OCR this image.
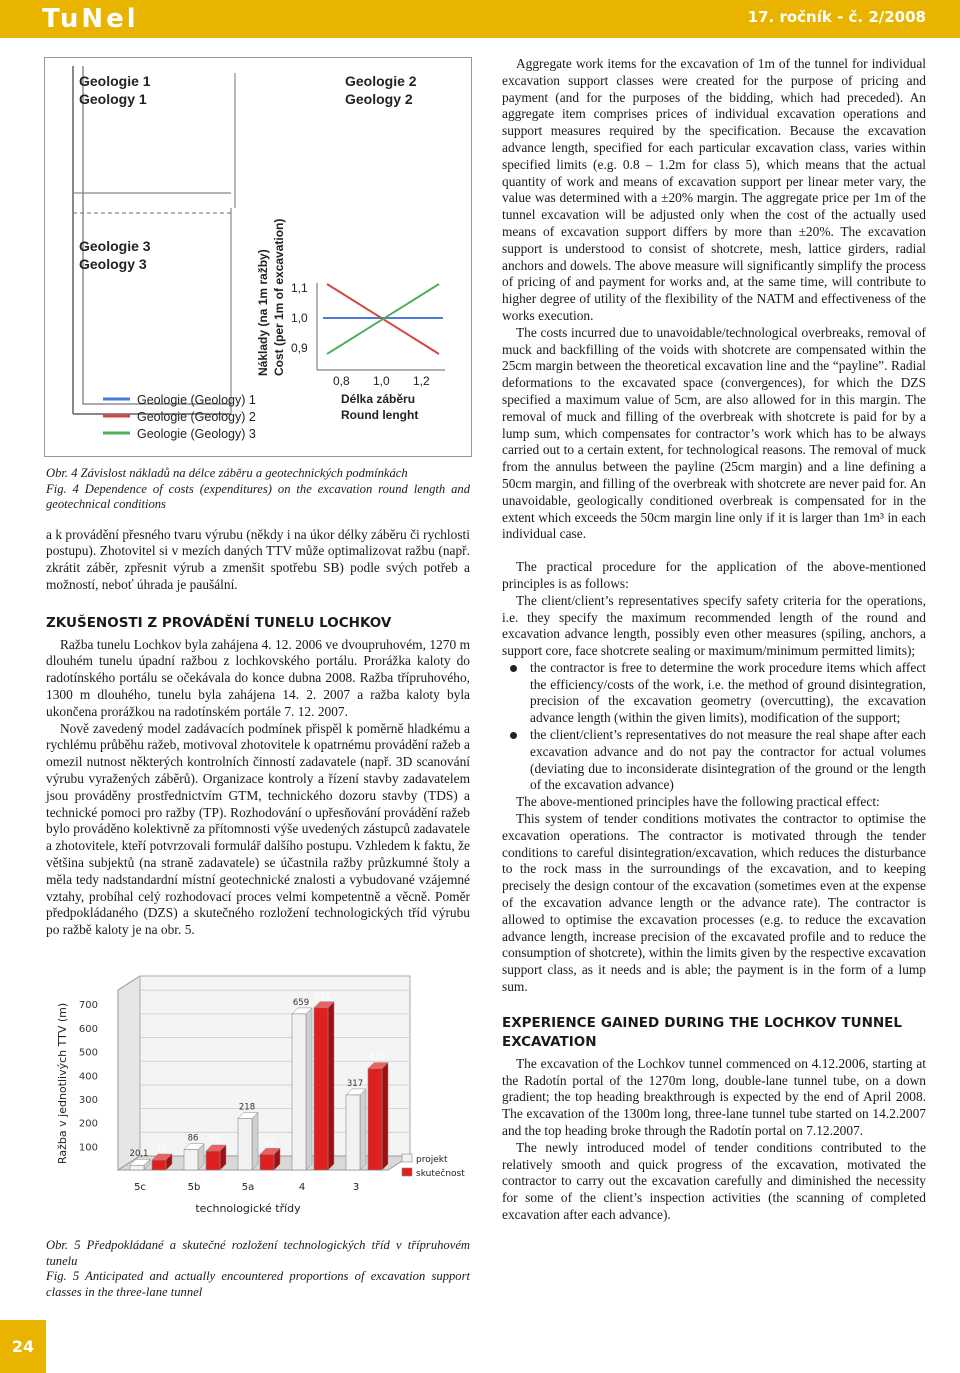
TuNel	17. ročník - č. 2/2008
Geologie 1
Geology 1
Geologie 2
Geology 2
Geologie 3
Geology 3	Náklady (na 1m ražby) Cost (per 1m of excavation) 1,1
1,0
0,9
0,8 1,0 1,2
Délka záběru
Round lenght
Geologie (Geology) 1
Geologie (Geology) 2
Geologie (Geology) 3
Obr. 4 Závislost nákladů na délce záběru a geotechnických podmínkách
Fig. 4 Dependence of costs (expenditures) on the excavation round length and geotechnical conditions

a k provádění přesného tvaru výrubu (někdy i na úkor délky záběru či rychlosti postupu). Zhotovitel si v mezích daných TTV může optimalizovat ražbu (např. zkrátit záběr, zpřesnit výrub a zmenšit spotřebu SB) podle svých potřeb a možností, neboť úhrada je paušální.

ZKUŠENOSTI Z PROVÁDĚNÍ TUNELU LOCHKOV

Ražba tunelu Lochkov byla zahájena 4. 12. 2006 ve dvoupruhovém, 1270 m dlouhém tunelu úpadní ražbou z lochkovského portálu. Prorážka kaloty do radotínského portálu se očekávala do konce dubna 2008. Ražba třípruhového, 1300 m dlouhého, tunelu byla zahájena 14. 2. 2007 a ražba kaloty byla ukončena prorážkou na radotínském portále 7. 12. 2007.

Nově zavedený model zadávacích podmínek přispěl k poměrně hladkému a rychlému průběhu ražeb, motivoval zhotovitele k opatrnému provádění ražeb a omezil nutnost některých kontrolních činností zadavatele (např. 3D scanování výrubu vyražených záběrů). Organizace kontroly a řízení stavby zadavatelem jsou prováděny prostřednictvím GTM, technického dozoru stavby (TDS) a technické pomoci pro ražby (TP). Rozhodování o upřesňování provádění ražeb bylo prováděno kolektivně za přítomnosti výše uvedených zástupců zadavatele a zhotovitele, kteří potvrzovali formulář dalšího postupu. Vzhledem k faktu, že většina subjektů (na straně zadavatele) se účastnila ražby průzkumné štoly a měla tedy nadstandardní místní geotechnické znalosti a vybudované vzájemné vztahy, probíhal celý rozhodovací proces velmi kompetentně a věcně. Poměr předpokládaného (DZS) a skutečného rozložení technologických tříd výrubu po ražbě kaloty je na obr. 5.

100
200
300
400
500
600
700
Ražba v jednotlivých TTV (m)	20,1
42
5c
86 80
5b
218
66
5a
659
685
4
317
428
3
technologické třídy
projekt
skutečnost
Obr. 5 Předpokládané a skutečné rozložení technologických tříd v třípruhovém tunelu
Fig. 5 Anticipated and actually encountered proportions of excavation support classes in the three-lane tunnel

Aggregate work items for the excavation of 1m of the tunnel for individual excavation support classes were created for the purpose of pricing and payment (and for the purposes of the bidding, which had preceded). An aggregate item comprises prices of individual excavation operations and support measures required by the specification. Because the excavation advance length, specified for each particular excavation class, varies within specified limits (e.g. 0.8 – 1.2m for class 5), which means that the actual quantity of work and means of excavation support per linear meter vary, the value was determined with a ±20% margin. The aggregate price per 1m of the tunnel excavation will be adjusted only when the cost of the actually used means of excavation support differs by more than ±20%. The excavation support is understood to consist of shotcrete, mesh, lattice girders, radial anchors and dowels. The above measure will significantly simplify the process of pricing of and payment for works and, at the same time, will contribute to higher degree of utility of the flexibility of the NATM and effectiveness of the works execution.

The costs incurred due to unavoidable/technological overbreaks, removal of muck and backfilling of the voids with shotcrete are compensated within the 25cm margin between the theoretical excavation line and the “payline”. Radial deformations to the excavated space (convergences), for which the DZS specified a maximum value of 5cm, are also allowed for in this margin. The removal of muck and filling of the overbreak with shotcrete is paid for by a lump sum, which compensates for contractor’s work which has to be always carried out to a certain extent, for technological reasons. The removal of muck from the annulus between the payline (25cm margin) and a line defining a 50cm margin, and filling of the overbreak with shotcrete are never paid for. An unavoidable, geologically conditioned overbreak is compensated for in the extent which exceeds the 50cm margin line only if it is larger than 1m³ in each individual case.

The practical procedure for the application of the above-mentioned principles is as follows:

The client/client’s representatives specify safety criteria for the operations, i.e. they specify the maximum recommended length of the round and excavation advance length, possibly even other measures (spiling, anchors, a support core, face shotcrete sealing or maximum/minimum permitted limits);

the contractor is free to determine the work procedure items which affect the efficiency/costs of the work, i.e. the method of ground disintegration, precision of the excavation geometry (overcutting), the excavation advance length (within the given limits), modification of the support;
the client/client’s representatives do not measure the real shape after each excavation advance and do not pay the contractor for actual volumes (deviating due to inconsiderate disintegration of the ground or the length of the excavation advance)

The above-mentioned principles have the following practical effect:

This system of tender conditions motivates the contractor to optimise the excavation operations. The contractor is motivated through the tender conditions to careful disintegration/excavation, which reduces the disturbance to the rock mass in the surroundings of the excavation, and to keeping precisely the design contour of the excavation (sometimes even at the expense of the excavation advance length or the advance rate). The contractor is allowed to optimise the excavation processes (e.g. to reduce the excavation advance length, increase precision of the excavated profile and to reduce the consumption of shotcrete), within the limits given by the respective excavation support class, as it needs and is able; the payment is in the form of a lump sum.

EXPERIENCE GAINED DURING THE LOCHKOV TUNNEL EXCAVATION

The excavation of the Lochkov tunnel commenced on 4.12.2006, starting at the Radotín portal of the 1270m long, double-lane tunnel tube, on a down gradient; the top heading breakthrough is expected by the end of April 2008. The excavation of the 1300m long, three-lane tunnel tube started on 14.2.2007 and the top heading broke through the Radotín portal on 7.12.2007.

The newly introduced model of tender conditions contributed to the relatively smooth and quick progress of the excavation, motivated the contractor to carry out the excavation carefully and diminished the necessity for some of the client’s inspection activities (the scanning of completed excavation after each advance).

24
